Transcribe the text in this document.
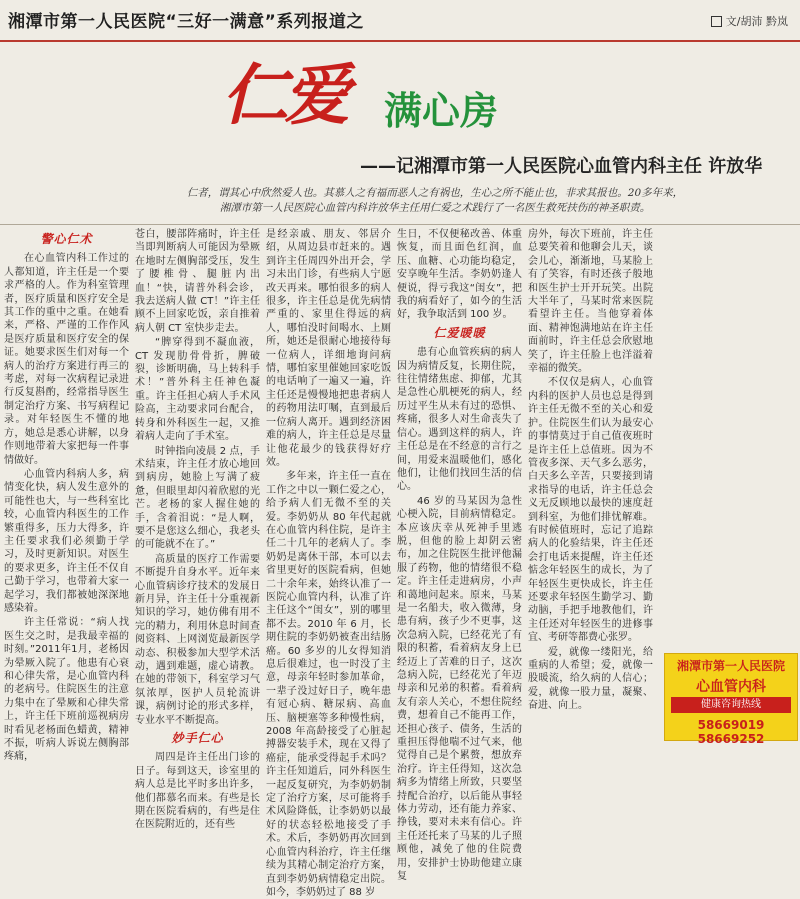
湘潭市第一人民医院“三好一满意”系列报道之	文/胡沛 黔岚
仁爱 满心房
——记湘潭市第一人民医院心血管内科主任 许放华

仁者，谓其心中欣然爱人也。其慕人之有福而恶人之有祸也，生心之所不能止也，非求其报也。20多年来，

湘潭市第一人民医院心血管内科许放华主任用仁爱之术践行了一名医生救死扶伤的神圣职责。

警心仁术

在心血管内科工作过的人都知道，许主任是一个要求严格的人。作为科室管理者，医疗质量和医疗安全是其工作的重中之重。在她看来，严格、严谨的工作作风是医疗质量和医疗安全的保证。她要求医生们对每一个病人的治疗方案进行再三的考虑，对每一次病程记录进行反复斟酌，经常指导医生制定治疗方案、书写病程记录。对年轻医生不懂的地方，她总是悉心讲解，以身作则地带着大家把每一件事情做好。

心血管内科病人多，病情变化快，病人发生意外的可能性也大，与一些科室比较，心血管内科医生的工作繁重得多，压力大得多，许主任要求我们必须勤于学习，及时更新知识。对医生的要求更多，许主任不仅自己勤于学习，也带着大家一起学习，我们都被她深深地感染着。

许主任常说：“病人找医生交之时，是我最幸福的时刻。”2011年1月，老杨因为晕厥入院了。他患有心衰和心律失常，是心血管内科的老病号。住院医生的注意力集中在了晕厥和心律失常上，许主任下班前巡视病房时看见老杨面色蜡黄，精神不振，听病人诉说左侧胸部疼痛，

苍白，腰部阵痛时，许主任当即判断病人可能因为晕厥在地时左侧胸部受压，发生了腰椎骨、腿脏内出血！“快，请普外科会诊，我去送病人做 CT！”许主任顾不上回家吃饭，亲自推着病人朝 CT 室快步走去。

“脾穿得到不凝血液，CT 发现肋骨骨折，脾破裂，诊断明确，马上转科手术！”普外科主任神色凝重。许主任担心病人手术风险高，主动要求同台配合，转身和外科医生一起，又推着病人走向了手术室。

时钟指向凌晨 2 点，手术结束，许主任才放心地回到病房，她脸上写满了疲惫，但眼里却闪着欣慰的光芒。老杨的家人握住她的手，含着泪说：“是人啊，要不是您这么细心，我老头的可能就不在了。”

高质量的医疗工作需要不断提升自身水平。近年来心血管病诊疗技术的发展日新月异，许主任十分重视新知识的学习，她仿佛有用不完的精力，利用休息时间查阅资料、上网浏览最新医学动态、积极参加大型学术活动，遇到难题，虚心请教。在她的带领下，科室学习气氛浓厚，医护人员轮流讲课，病例讨论的形式多样，专业水平不断提高。

妙手仁心

周四是许主任出门诊的日子。每到这天，诊室里的病人总是比平时多出许多，他们都慕名而来。有些是长期在医院看病的，有些是住在医院附近的，还有些

是经亲戚、朋友、邻居介绍，从周边县市赶来的。遇到许主任周四外出开会，学习未出门诊，有些病人宁愿改天再来。哪怕很多的病人很多，许主任总是优先病情严重的、家里住得远的病人，哪怕没时间喝水、上厕所，她还是很耐心地接待每一位病人，详细地询问病情，哪怕家里催她回家吃饭的电话响了一遍又一遍，许主任还是慢慢地把患者病人的药物用法叮嘱，直到最后一位病人离开。遇到经济困难的病人，许主任总是尽量让他花最少的钱获得好疗效。

多年来，许主任一直在工作之中以一颗仁爱之心，给予病人们无微不至的关爱。李奶奶从 80 年代起就在心血管内科住院，是许主任二十几年的老病人了。李奶奶是离休干部，本可以去省里更好的医院看病，但她二十余年来，始终认准了一医院心血管内科，认准了许主任这个“闺女”，别的哪里都不去。2010 年 6 月，长期住院的李奶奶被查出结肠癌。60 多岁的儿女得知消息后很难过，也一时没了主意，母亲年轻时参加革命，一辈子没过好日子，晚年患有冠心病、糖尿病、高血压、脑梗塞等多种慢性病，2008 年高龄接受了心脏起搏器安装手术，现在又得了癌症，能承受得起手术吗？许主任知道后，同外科医生一起反复研究，为李奶奶制定了治疗方案，尽可能将手术风险降低，让李奶奶以最好的状态轻松地接受了手术。术后，李奶奶再次回到心血管内科治疗，许主任继续为其精心制定治疗方案，直到李奶奶病情稳定出院。如今，李奶奶过了 88 岁

生日，不仅便秘改善、体重恢复，而且面色红润，血压、血糖、心功能均稳定，安享晚年生活。李奶奶逢人便说，得亏我这“闺女”，把我的病看好了，如今的生活好，我争取活到 100 岁。

仁爱暖暖

患有心血管疾病的病人因为病情反复，长期住院，往往情绪焦虑、抑郁，尤其是急性心肌梗死的病人，经历过平生从未有过的恐惧、疼痛，很多人对生命丧失了信心。遇到这样的病人，许主任总是在不经意的言行之间，用爱来温暖他们，感化他们，让他们找回生活的信心。

46 岁的马某因为急性心梗入院，目前病情稳定。本应该庆幸从死神手里逃脱，但他的脸上却阴云密布，加之住院医生批评他漏服了药物，他的情绪很不稳定。许主任走进病房，小声和蔼地问起来。原来，马某是一名船夫，收入微薄，身患有病，孩子少不更事，这次急病入院，已经花光了有限的积蓄，看着病友身上已经迈上了苦难的日子，这次急病入院，已经花光了年迈母亲和兄弟的积蓄。看着病友有亲人关心，不想住院经费，想着自己不能再工作，还担心孩子、债务，生活的重担压得他喘不过气来，他觉得自己是个累赘，想放弃治疗。许主任得知，这次急病多为情绪上所致，只要坚持配合治疗，以后能从事轻体力劳动，还有能力养家、挣钱，要对未来有信心。许主任还托来了马某的儿子照顾他，减免了他的住院费用，安排护士协助他建立康复

房外，每次下班前，许主任总要笑着和他聊会儿天，谈会儿心，渐渐地，马某脸上有了笑容，有时还孩子般地和医生护士开开玩笑。出院大半年了，马某时常来医院看望许主任。当他穿着体面、精神饱满地站在许主任面前时，许主任总会欣慰地笑了，许主任脸上也洋溢着幸福的微笑。

不仅仅是病人，心血管内科的医护人员也总是得到许主任无微不至的关心和爱护。住院医生们认为最安心的事情莫过于自己值夜班时是许主任上总值班。因为不管夜多深、天气多么恶劣，白天多么辛苦，只要接到请求指导的电话，许主任总会义无反顾地以最快的速度赶到科室，为他们排忧解难。有时候值班时，忘记了追踪病人的化验结果，许主任还会打电话来提醒，许主任还惦念年轻医生的成长，为了年轻医生更快成长，许主任还要求年轻医生勤学习、勤动脑，手把手地教他们，许主任还对年轻医生的进修事宜、考研等都费心张罗。

爱，就像一缕阳光，给重病的人希望；爱，就像一股暖流，给久病的人信心；爱，就像一股力量，凝聚、奋进、向上。

湘潭市第一人民医院
心血管内科
健康咨询热线
58669019 58669252
